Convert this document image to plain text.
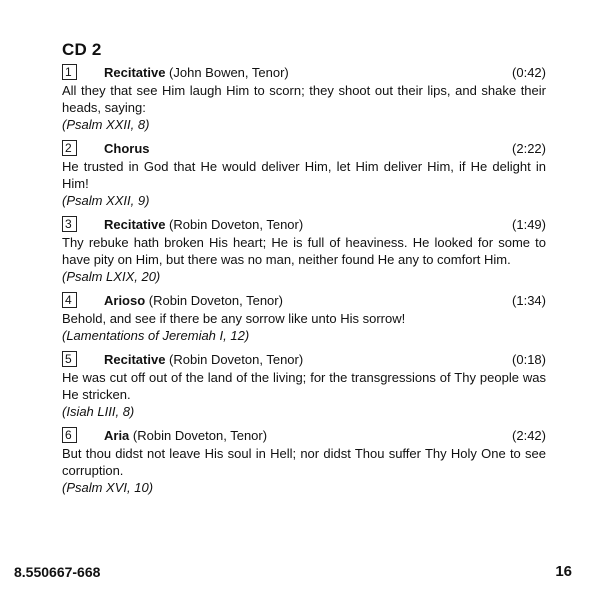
CD 2
1	Recitative (John Bowen, Tenor)	(0:42)
All they that see Him laugh Him to scorn; they shoot out their lips, and shake their heads, saying:
(Psalm XXII, 8)
2	Chorus	(2:22)
He trusted in God that He would deliver Him, let Him deliver Him, if He delight in Him!
(Psalm XXII, 9)
3	Recitative (Robin Doveton, Tenor)	(1:49)
Thy rebuke hath broken His heart; He is full of heaviness. He looked for some to have pity on Him, but there was no man, neither found He any to comfort Him.
(Psalm LXIX, 20)
4	Arioso (Robin Doveton, Tenor)	(1:34)
Behold, and see if there be any sorrow like unto His sorrow!
(Lamentations of Jeremiah I, 12)
5	Recitative (Robin Doveton, Tenor)	(0:18)
He was cut off out of the land of the living; for the transgressions of Thy people was He stricken.
(Isiah LIII, 8)
6	Aria (Robin Doveton, Tenor)	(2:42)
But thou didst not leave His soul in Hell; nor didst Thou suffer Thy Holy One to see corruption.
(Psalm XVI, 10)
8.550667-668	16
